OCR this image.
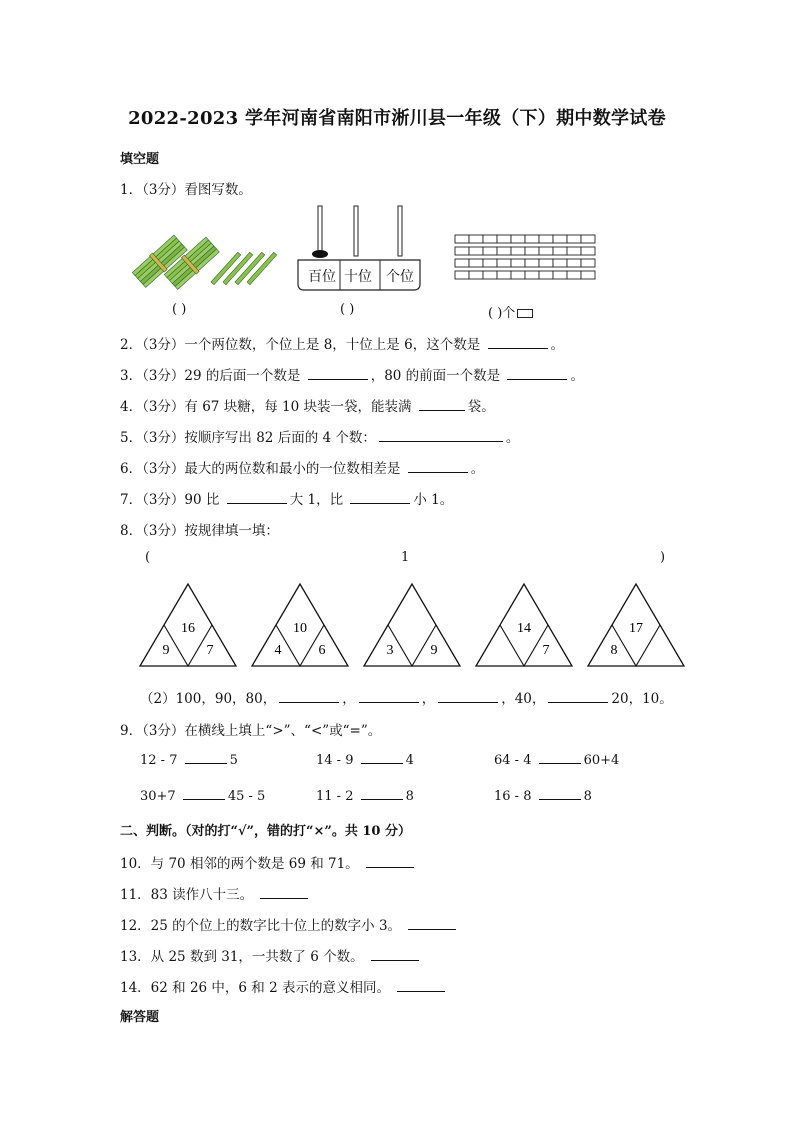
2022-2023 学年河南省南阳市淅川县一年级（下）期中数学试卷
填空题
1．（3分）看图写数。
百位 十位 个位
( )	( )	( )个
2．（3分）一个两位数，个位上是 8，十位上是 6，这个数是	。
3．（3分）29 的后面一个数是	，80 的前面一个数是	。
4．（3分）有 67 块糖，每 10 块装一袋，能装满	袋。
5．（3分）按顺序写出 82 后面的 4 个数：	。
6．（3分）最大的两位数和最小的一位数相差是	。
7．（3分）90 比	大 1，比	小 1。
8．（3分）按规律填一填：
(	1	)
16
9	7
10
4	6	3	9
14
7
17
8
（2）100，90，80，	，	，	，40，	20，10。
9．（3分）在横线上填上“>”、“<”或“=”。
12 - 7	5	14 - 9	4	64 - 4	60+4
30+7	45 - 5	11 - 2	8	16 - 8	8
二、判断。（对的打“√”，错的打“×”。共 10 分）
10．与 70 相邻的两个数是 69 和 71。
11．83 读作八十三。
12．25 的个位上的数字比十位上的数字小 3。
13．从 25 数到 31，一共数了 6 个数。
14．62 和 26 中，6 和 2 表示的意义相同。
解答题
